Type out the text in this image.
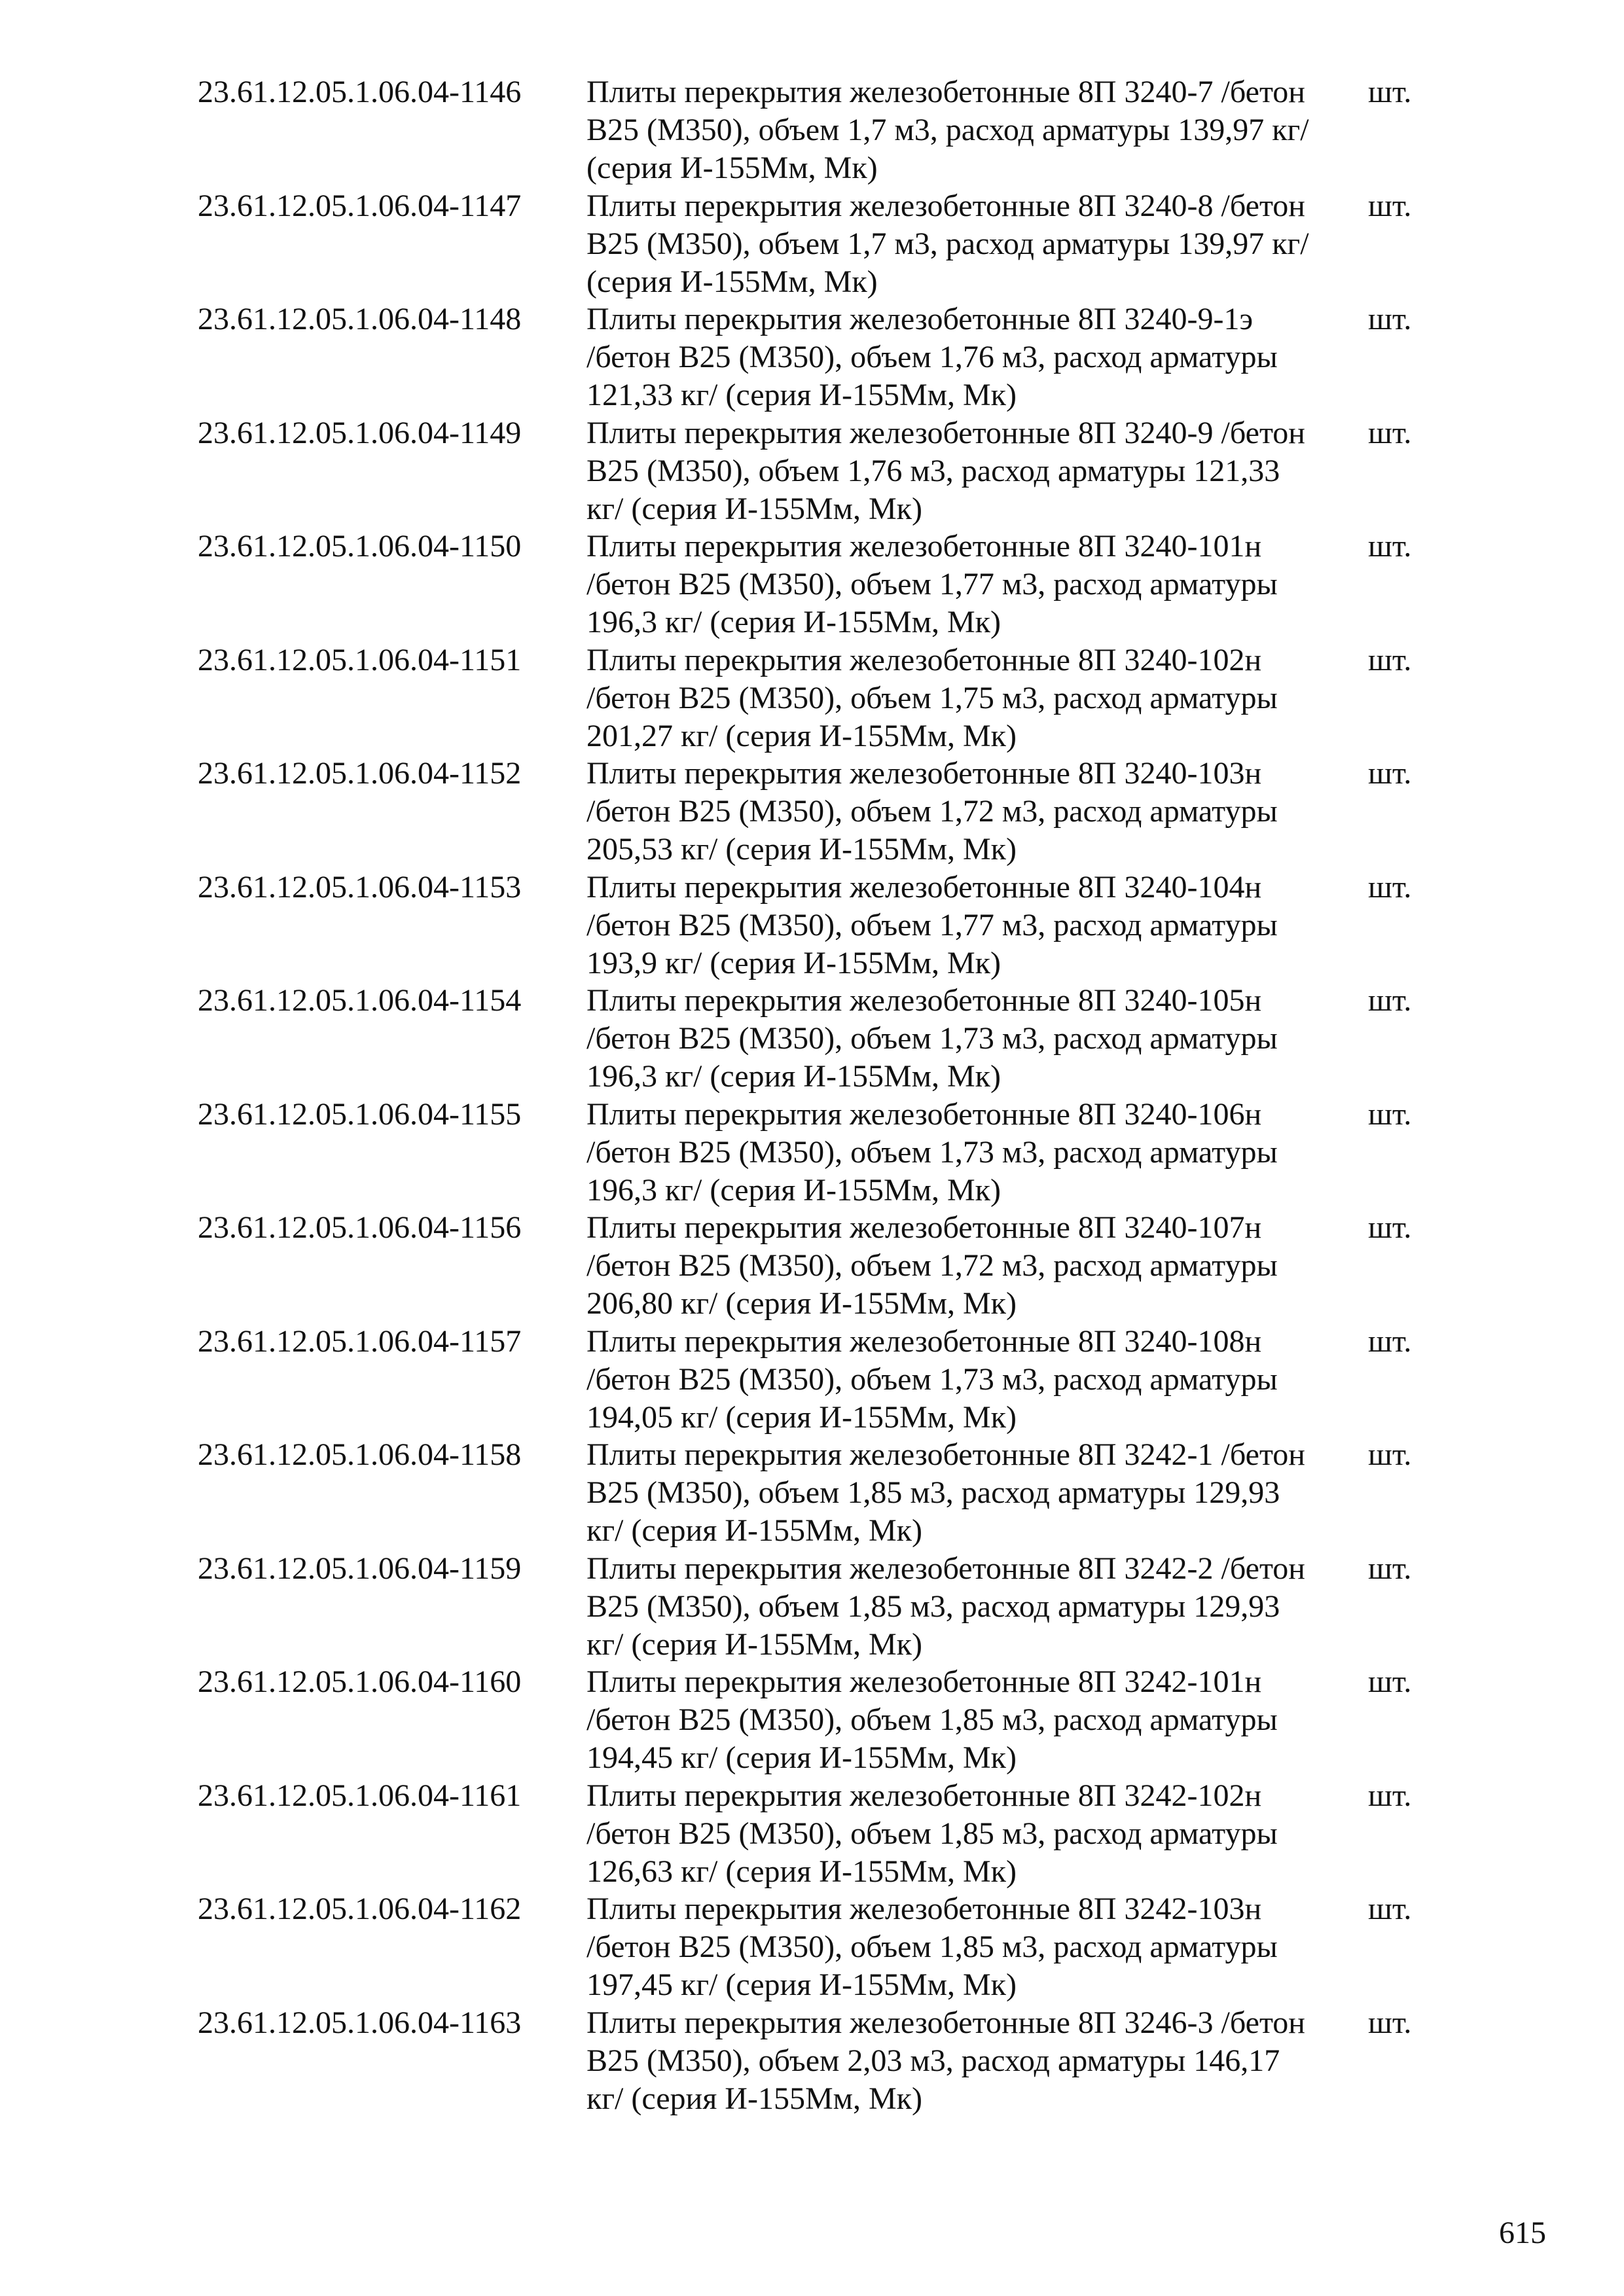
23.61.12.05.1.06.04-1146 Плиты перекрытия железобетонные 8П 3240-7 /бетон
В25 (М350), объем 1,7 м3, расход арматуры 139,97 кг/
(серия И-155Мм, Мк)
шт.
23.61.12.05.1.06.04-1147 Плиты перекрытия железобетонные 8П 3240-8 /бетон
В25 (М350), объем 1,7 м3, расход арматуры 139,97 кг/
(серия И-155Мм, Мк)
шт.
23.61.12.05.1.06.04-1148 Плиты перекрытия железобетонные 8П 3240-9-1э
/бетон В25 (М350), объем 1,76 м3, расход арматуры
121,33 кг/ (серия И-155Мм, Мк)
шт.
23.61.12.05.1.06.04-1149 Плиты перекрытия железобетонные 8П 3240-9 /бетон
В25 (М350), объем 1,76 м3, расход арматуры 121,33
кг/ (серия И-155Мм, Мк)
шт.
23.61.12.05.1.06.04-1150 Плиты перекрытия железобетонные 8П 3240-101н
/бетон В25 (М350), объем 1,77 м3, расход арматуры
196,3 кг/ (серия И-155Мм, Мк)
шт.
23.61.12.05.1.06.04-1151 Плиты перекрытия железобетонные 8П 3240-102н
/бетон В25 (М350), объем 1,75 м3, расход арматуры
201,27 кг/ (серия И-155Мм, Мк)
шт.
23.61.12.05.1.06.04-1152 Плиты перекрытия железобетонные 8П 3240-103н
/бетон В25 (М350), объем 1,72 м3, расход арматуры
205,53 кг/ (серия И-155Мм, Мк)
шт.
23.61.12.05.1.06.04-1153 Плиты перекрытия железобетонные 8П 3240-104н
/бетон В25 (М350), объем 1,77 м3, расход арматуры
193,9 кг/ (серия И-155Мм, Мк)
шт.
23.61.12.05.1.06.04-1154 Плиты перекрытия железобетонные 8П 3240-105н
/бетон В25 (М350), объем 1,73 м3, расход арматуры
196,3 кг/ (серия И-155Мм, Мк)
шт.
23.61.12.05.1.06.04-1155 Плиты перекрытия железобетонные 8П 3240-106н
/бетон В25 (М350), объем 1,73 м3, расход арматуры
196,3 кг/ (серия И-155Мм, Мк)
шт.
23.61.12.05.1.06.04-1156 Плиты перекрытия железобетонные 8П 3240-107н
/бетон В25 (М350), объем 1,72 м3, расход арматуры
206,80 кг/ (серия И-155Мм, Мк)
шт.
23.61.12.05.1.06.04-1157 Плиты перекрытия железобетонные 8П 3240-108н
/бетон В25 (М350), объем 1,73 м3, расход арматуры
194,05 кг/ (серия И-155Мм, Мк)
шт.
23.61.12.05.1.06.04-1158 Плиты перекрытия железобетонные 8П 3242-1 /бетон
В25 (М350), объем 1,85 м3, расход арматуры 129,93
кг/ (серия И-155Мм, Мк)
шт.
23.61.12.05.1.06.04-1159 Плиты перекрытия железобетонные 8П 3242-2 /бетон
В25 (М350), объем 1,85 м3, расход арматуры 129,93
кг/ (серия И-155Мм, Мк)
шт.
23.61.12.05.1.06.04-1160 Плиты перекрытия железобетонные 8П 3242-101н
/бетон В25 (М350), объем 1,85 м3, расход арматуры
194,45 кг/ (серия И-155Мм, Мк)
шт.
23.61.12.05.1.06.04-1161 Плиты перекрытия железобетонные 8П 3242-102н
/бетон В25 (М350), объем 1,85 м3, расход арматуры
126,63 кг/ (серия И-155Мм, Мк)
шт.
23.61.12.05.1.06.04-1162 Плиты перекрытия железобетонные 8П 3242-103н
/бетон В25 (М350), объем 1,85 м3, расход арматуры
197,45 кг/ (серия И-155Мм, Мк)
шт.
23.61.12.05.1.06.04-1163 Плиты перекрытия железобетонные 8П 3246-3 /бетон
В25 (М350), объем 2,03 м3, расход арматуры 146,17
кг/ (серия И-155Мм, Мк)
шт.
615
